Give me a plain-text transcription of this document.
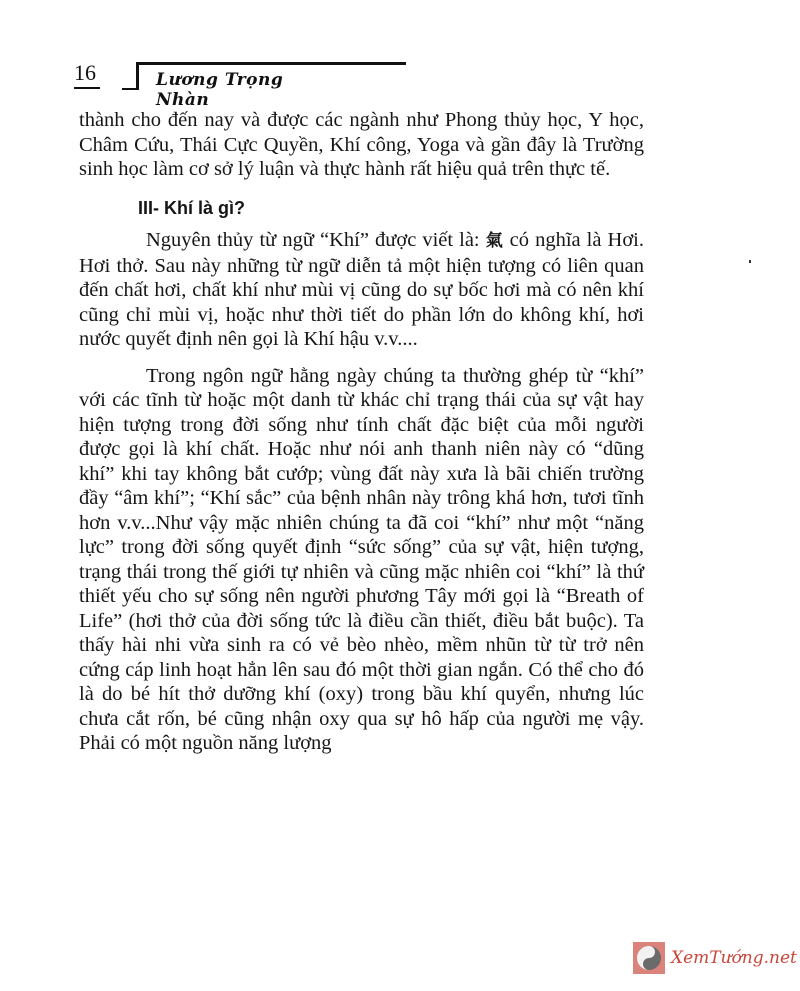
16	Lương Trọng Nhàn

thành cho đến nay và được các ngành như Phong thủy học, Y học, Châm Cứu, Thái Cực Quyền, Khí công, Yoga và gần đây là Trường sinh học làm cơ sở lý luận và thực hành rất hiệu quả trên thực tế.

III- Khí là gì?

Nguyên thủy từ ngữ “Khí” được viết là: 氣 có nghĩa là Hơi. Hơi thở. Sau này những từ ngữ diễn tả một hiện tượng có liên quan đến chất hơi, chất khí như mùi vị cũng do sự bốc hơi mà có nên khí cũng chỉ mùi vị, hoặc như thời tiết do phần lớn do không khí, hơi nước quyết định nên gọi là Khí hậu v.v....

Trong ngôn ngữ hằng ngày chúng ta thường ghép từ “khí” với các tĩnh từ hoặc một danh từ khác chỉ trạng thái của sự vật hay hiện tượng trong đời sống như tính chất đặc biệt của mỗi người được gọi là khí chất. Hoặc như nói anh thanh niên này có “dũng khí” khi tay không bắt cướp; vùng đất này xưa là bãi chiến trường đầy “âm khí”; “Khí sắc” của bệnh nhân này trông khá hơn, tươi tĩnh hơn v.v...Như vậy mặc nhiên chúng ta đã coi “khí” như một “năng lực” trong đời sống quyết định “sức sống” của sự vật, hiện tượng, trạng thái trong thế giới tự nhiên và cũng mặc nhiên coi “khí” là thứ thiết yếu cho sự sống nên người phương Tây mới gọi là “Breath of Life” (hơi thở của đời sống tức là điều cần thiết, điều bắt buộc). Ta thấy hài nhi vừa sinh ra có vẻ bèo nhèo, mềm nhũn từ từ trở nên cứng cáp linh hoạt hẳn lên sau đó một thời gian ngắn. Có thể cho đó là do bé hít thở dưỡng khí (oxy) trong bầu khí quyển, nhưng lúc chưa cắt rốn, bé cũng nhận oxy qua sự hô hấp của người mẹ vậy. Phải có một nguồn năng lượng

XemTướng.net
